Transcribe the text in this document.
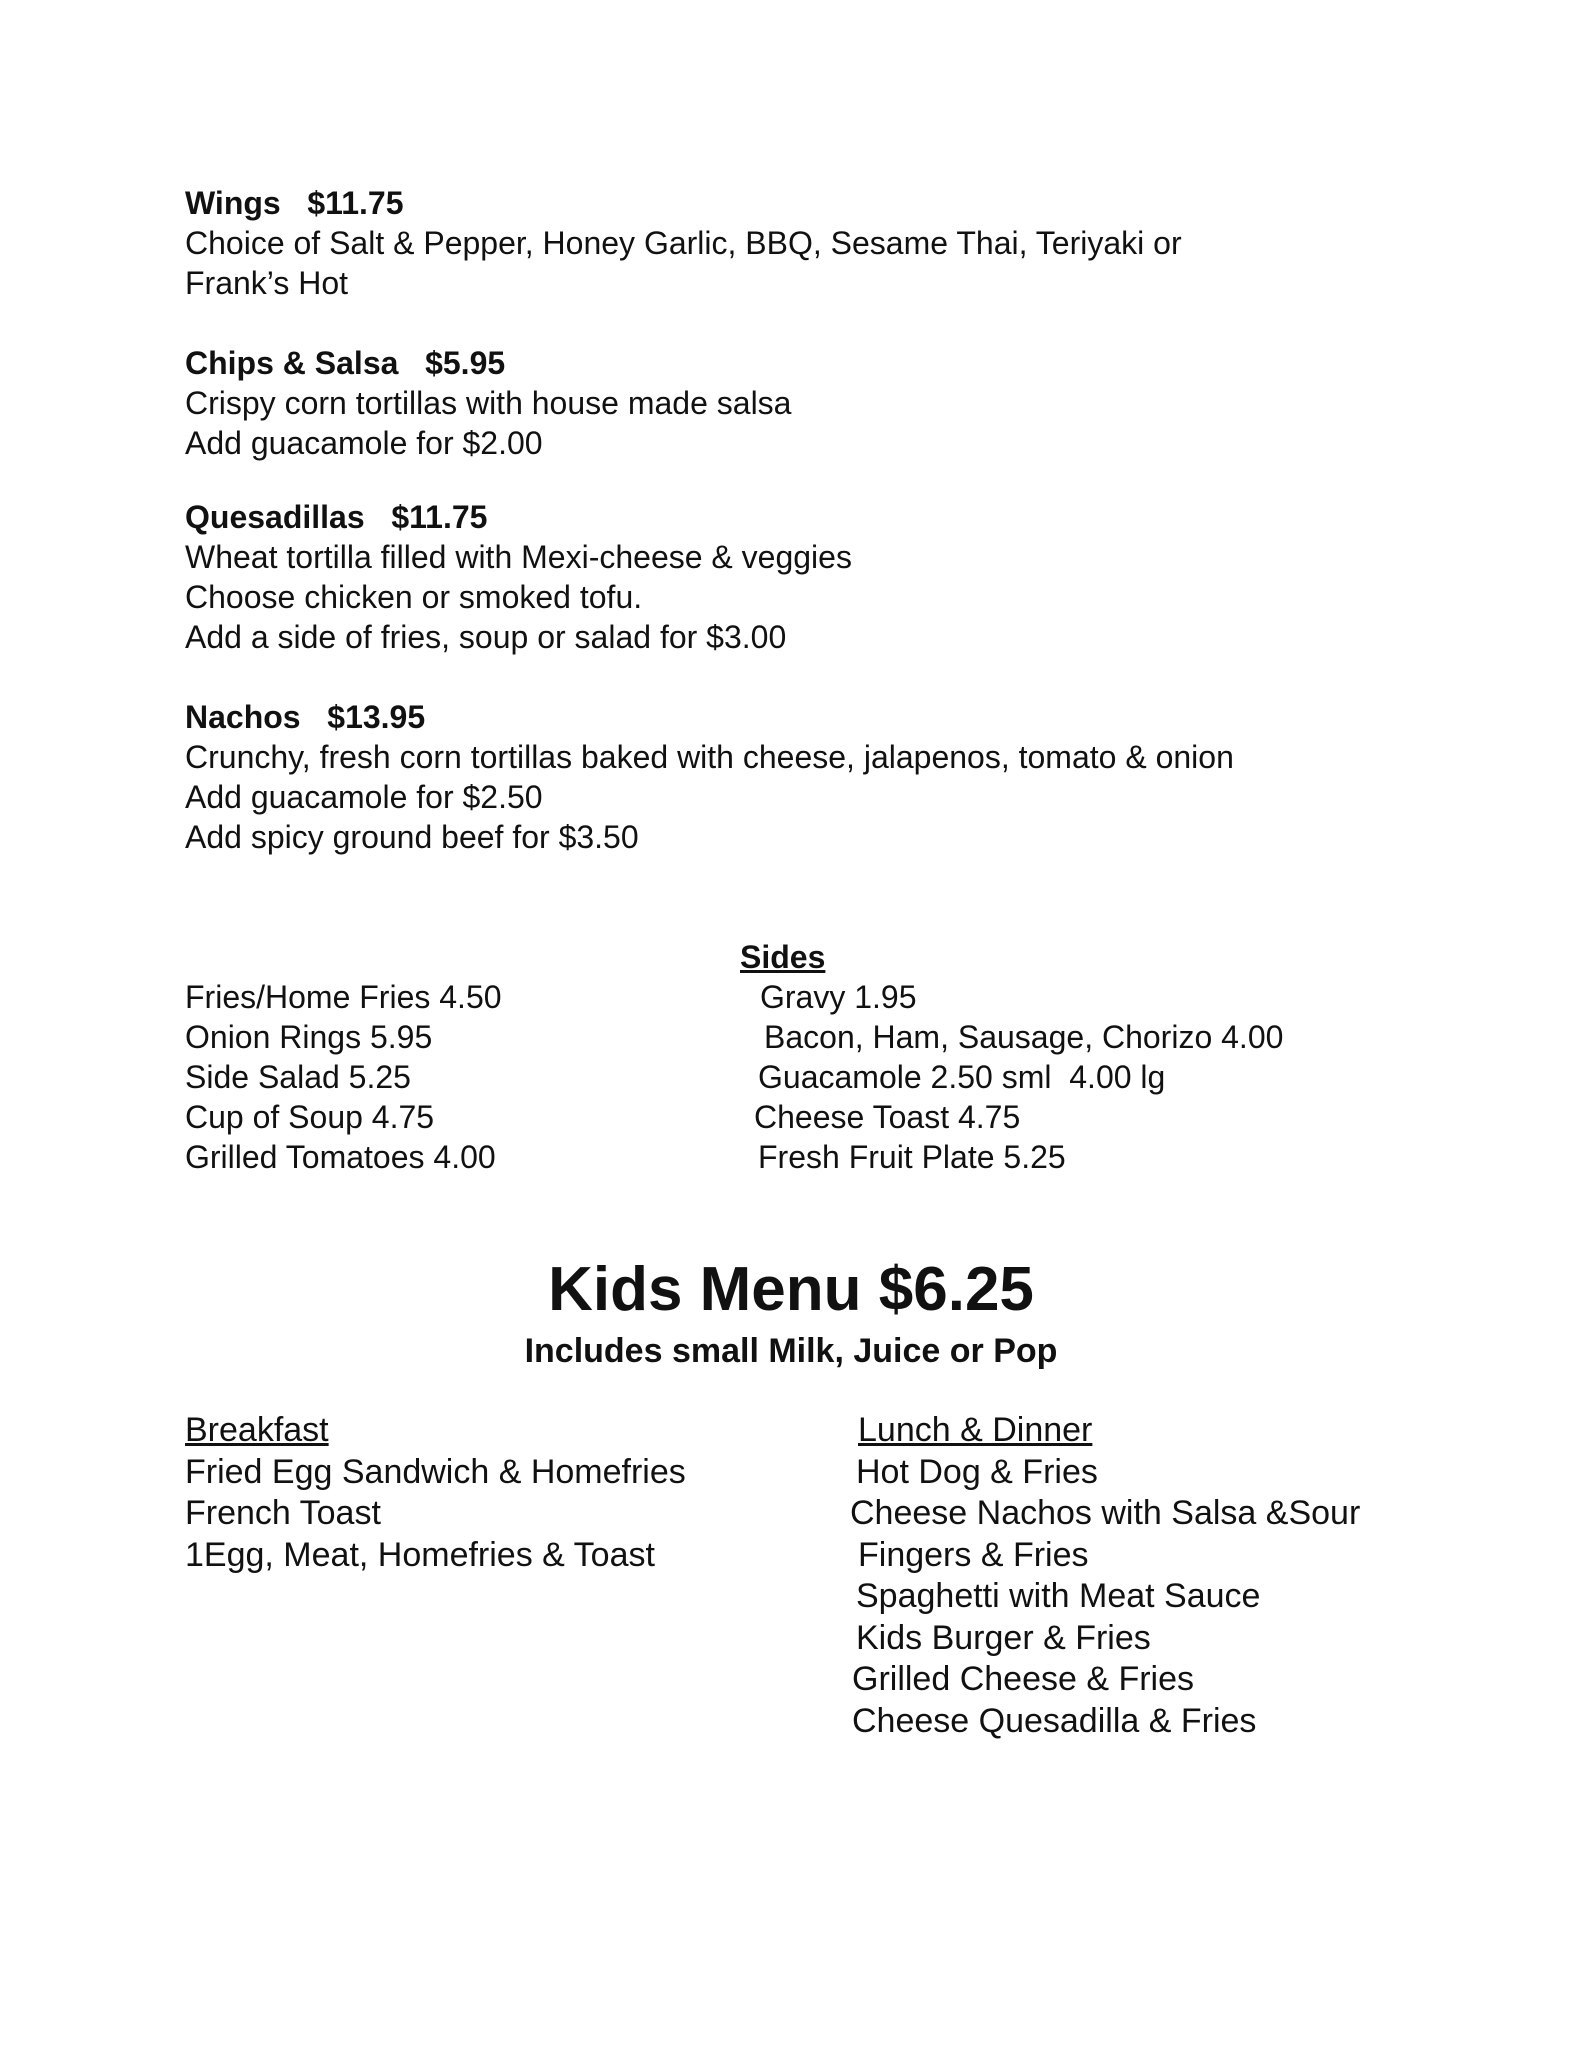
Wings   $11.75
Choice of Salt & Pepper, Honey Garlic, BBQ, Sesame Thai, Teriyaki or
Frank’s Hot
Chips & Salsa   $5.95
Crispy corn tortillas with house made salsa
Add guacamole for $2.00
Quesadillas   $11.75
Wheat tortilla filled with Mexi-cheese & veggies
Choose chicken or smoked tofu.
Add a side of fries, soup or salad for $3.00
Nachos   $13.95
Crunchy, fresh corn tortillas baked with cheese, jalapenos, tomato & onion
Add guacamole for $2.50
Add spicy ground beef for $3.50
Sides
Fries/Home Fries 4.50
Onion Rings 5.95
Side Salad 5.25
Cup of Soup 4.75
Grilled Tomatoes 4.00
Gravy 1.95
Bacon, Ham, Sausage, Chorizo 4.00
Guacamole 2.50 sml  4.00 lg
Cheese Toast 4.75
Fresh Fruit Plate 5.25
Kids Menu $6.25
Includes small Milk, Juice or Pop
Breakfast
Fried Egg Sandwich & Homefries
French Toast
1Egg, Meat, Homefries & Toast
Lunch & Dinner
Hot Dog & Fries
Cheese Nachos with Salsa &Sour
Fingers & Fries
Spaghetti with Meat Sauce
Kids Burger & Fries
Grilled Cheese & Fries
Cheese Quesadilla & Fries
